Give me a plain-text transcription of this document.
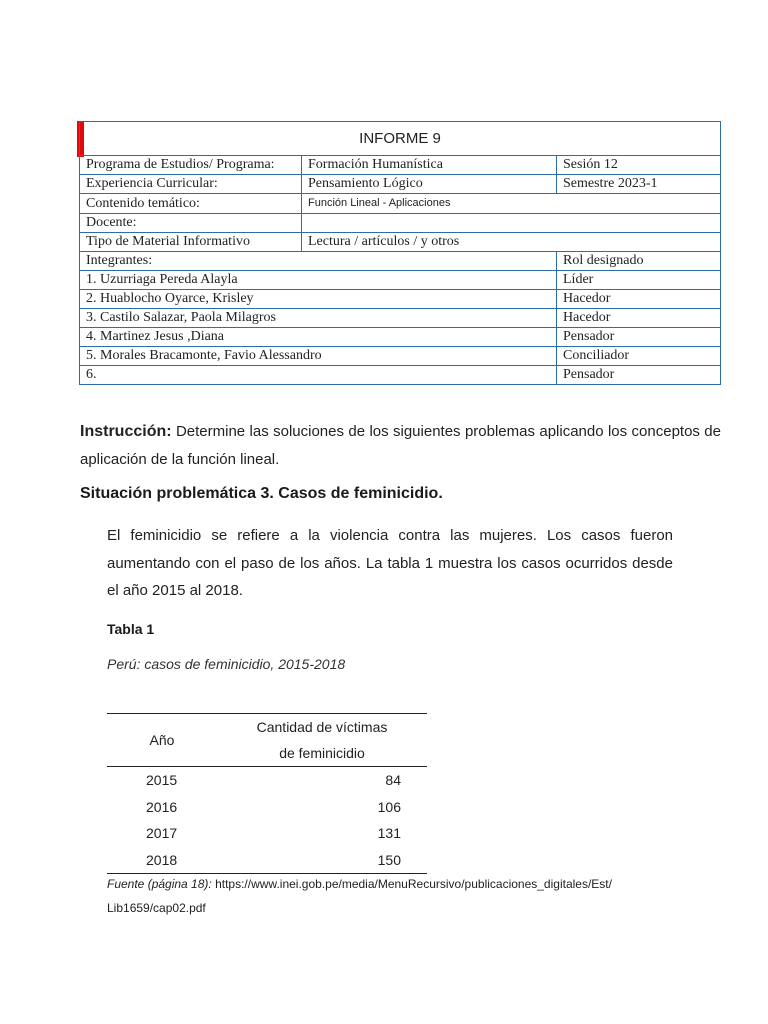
INFORME 9		
Programa de Estudios/ Programa:	Formación Humanística	Sesión 12
Experiencia Curricular:	Pensamiento Lógico	Semestre 2023-1
Contenido temático:	Función Lineal - Aplicaciones	
Docente:		
Tipo de Material Informativo	Lectura / artículos / y otros	
Integrantes:		Rol designado
1. Uzurriaga Pereda Alayla		Líder
2. Huablocho Oyarce, Krisley		Hacedor
3. Castilo Salazar, Paola Milagros		Hacedor
4. Martinez Jesus ,Diana		Pensador
5. Morales Bracamonte, Favio Alessandro		Conciliador
6.		Pensador
Instrucción: Determine las soluciones de los siguientes problemas aplicando los conceptos de aplicación de la función lineal.
Situación problemática 3. Casos de feminicidio.
El feminicidio se refiere a la violencia contra las mujeres. Los casos fueron aumentando con el paso de los años. La tabla 1 muestra los casos ocurridos desde el año 2015 al 2018.
Tabla 1
Perú: casos de feminicidio, 2015-2018
Año	Cantidad de víctimas
de feminicidio
2015	84
2016	106
2017	131
2018	150
Fuente (página 18): https://www.inei.gob.pe/media/MenuRecursivo/publicaciones_digitales/Est/
Lib1659/cap02.pdf
